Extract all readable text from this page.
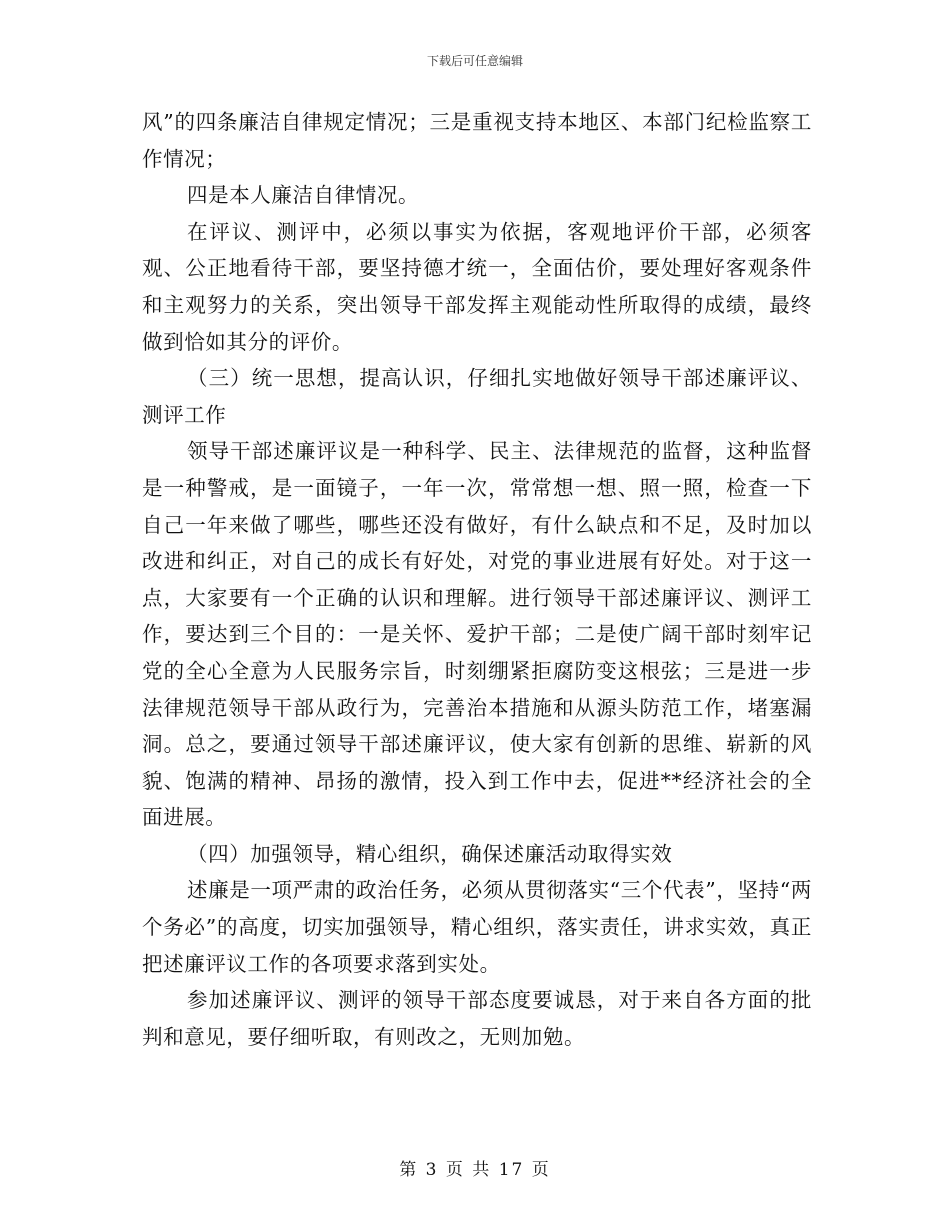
下载后可任意编辑

风”的四条廉洁自律规定情况；三是重视支持本地区、本部门纪检监察工作情况；

四是本人廉洁自律情况。

在评议、测评中，必须以事实为依据，客观地评价干部，必须客观、公正地看待干部，要坚持德才统一，全面估价，要处理好客观条件和主观努力的关系，突出领导干部发挥主观能动性所取得的成绩，最终做到恰如其分的评价。

（三）统一思想，提高认识，仔细扎实地做好领导干部述廉评议、测评工作

领导干部述廉评议是一种科学、民主、法律规范的监督，这种监督是一种警戒，是一面镜子，一年一次，常常想一想、照一照，检查一下自己一年来做了哪些，哪些还没有做好，有什么缺点和不足，及时加以改进和纠正，对自己的成长有好处，对党的事业进展有好处。对于这一点，大家要有一个正确的认识和理解。进行领导干部述廉评议、测评工作，要达到三个目的：一是关怀、爱护干部；二是使广阔干部时刻牢记党的全心全意为人民服务宗旨，时刻绷紧拒腐防变这根弦；三是进一步法律规范领导干部从政行为，完善治本措施和从源头防范工作，堵塞漏洞。总之，要通过领导干部述廉评议，使大家有创新的思维、崭新的风貌、饱满的精神、昂扬的激情，投入到工作中去，促进**经济社会的全面进展。

（四）加强领导，精心组织，确保述廉活动取得实效

述廉是一项严肃的政治任务，必须从贯彻落实“三个代表”，坚持“两个务必”的高度，切实加强领导，精心组织，落实责任，讲求实效，真正把述廉评议工作的各项要求落到实处。

参加述廉评议、测评的领导干部态度要诚恳，对于来自各方面的批判和意见，要仔细听取，有则改之，无则加勉。

第 3 页 共 17 页
